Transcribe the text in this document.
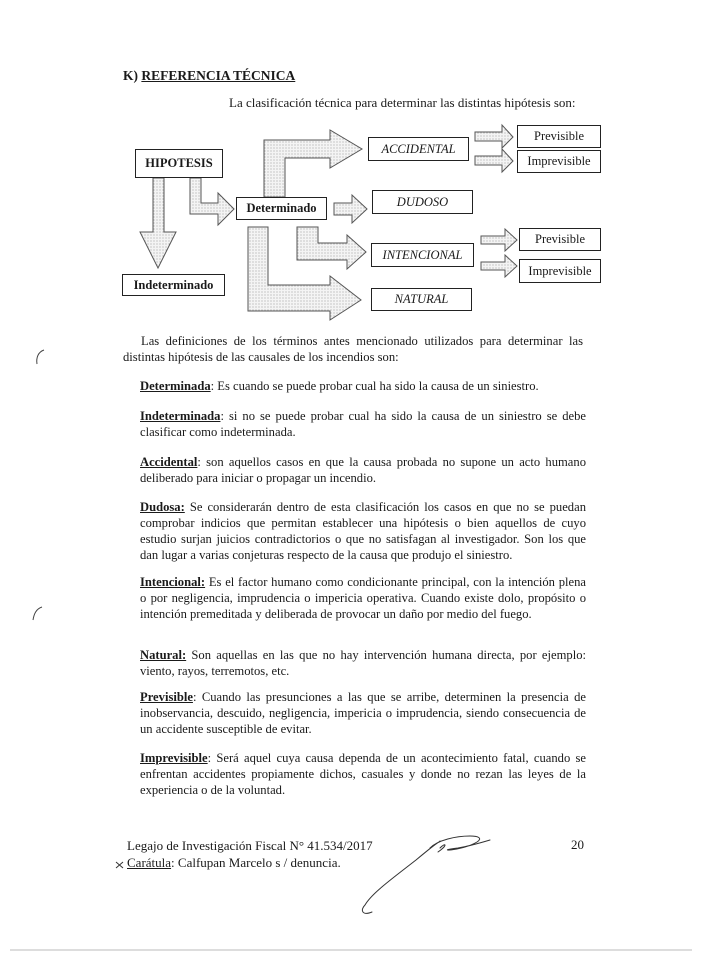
K) REFERENCIA TÉCNICA
La clasificación técnica para determinar las distintas hipótesis son:
HIPOTESIS
Determinado
Indeterminado
ACCIDENTAL
DUDOSO
INTENCIONAL
NATURAL
Previsible
Imprevisible
Previsible
Imprevisible
Las definiciones de los términos antes mencionado utilizados para determinar las distintas hipótesis de las causales de los incendios son:
Determinada: Es cuando se puede probar cual ha sido la causa de un siniestro.
Indeterminada: si no se puede probar cual ha sido la causa de un siniestro se debe clasificar como indeterminada.
Accidental: son aquellos casos en que la causa probada no supone un acto humano deliberado para iniciar o propagar un incendio.
Dudosa: Se considerarán dentro de esta clasificación los casos en que no se puedan comprobar indicios que permitan establecer una hipótesis o bien aquellos de cuyo estudio surjan juicios contradictorios o que no satisfagan al investigador. Son los que dan lugar a varias conjeturas respecto de la causa que produjo el siniestro.
Intencional: Es el factor humano como condicionante principal, con la intención plena o por negligencia, imprudencia o impericia operativa. Cuando existe dolo, propósito o intención premeditada y deliberada de provocar un daño por medio del fuego.
Natural: Son aquellas en las que no hay intervención humana directa, por ejemplo: viento, rayos, terremotos, etc.
Previsible: Cuando las presunciones a las que se arribe, determinen la presencia de inobservancia, descuido, negligencia, impericia o imprudencia, siendo consecuencia de un accidente susceptible de evitar.
Imprevisible: Será aquel cuya causa dependa de un acontecimiento fatal, cuando se enfrentan accidentes propiamente dichos, casuales y donde no rezan las leyes de la experiencia o de la voluntad.
Legajo de Investigación Fiscal N° 41.534/2017
Carátula: Calfupan Marcelo s / denuncia.
20
